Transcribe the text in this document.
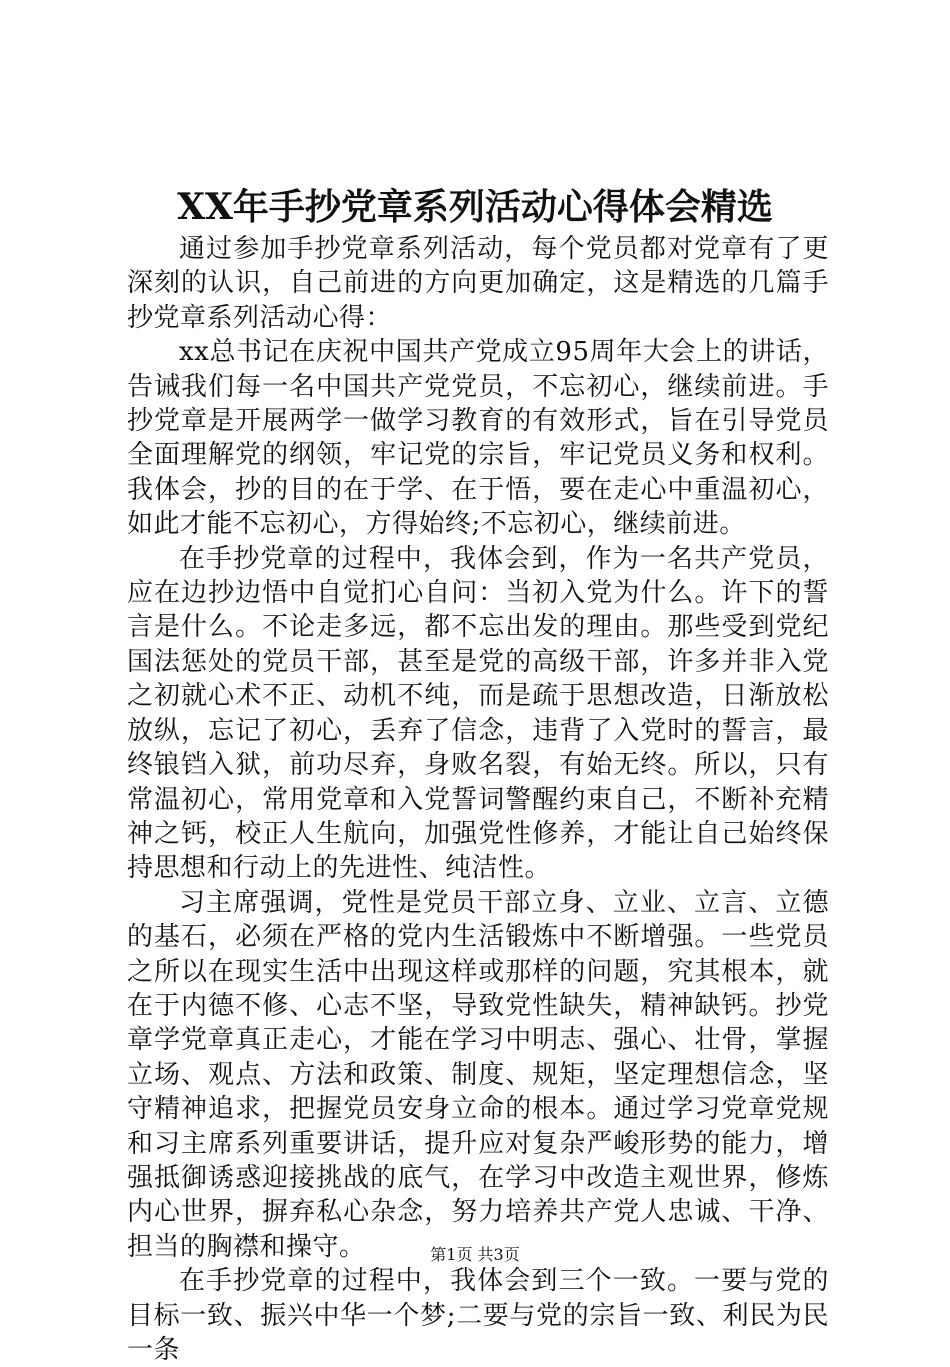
XX年手抄党章系列活动心得体会精选

通过参加手抄党章系列活动，每个党员都对党章有了更深刻的认识，自己前进的方向更加确定，这是精选的几篇手抄党章系列活动心得：

xx总书记在庆祝中国共产党成立95周年大会上的讲话，告诫我们每一名中国共产党党员，不忘初心，继续前进。手抄党章是开展两学一做学习教育的有效形式，旨在引导党员全面理解党的纲领，牢记党的宗旨，牢记党员义务和权利。我体会，抄的目的在于学、在于悟，要在走心中重温初心，如此才能不忘初心，方得始终;不忘初心，继续前进。

在手抄党章的过程中，我体会到，作为一名共产党员，应在边抄边悟中自觉扪心自问：当初入党为什么。许下的誓言是什么。不论走多远，都不忘出发的理由。那些受到党纪国法惩处的党员干部，甚至是党的高级干部，许多并非入党之初就心术不正、动机不纯，而是疏于思想改造，日渐放松放纵，忘记了初心，丢弃了信念，违背了入党时的誓言，最终锒铛入狱，前功尽弃，身败名裂，有始无终。所以，只有常温初心，常用党章和入党誓词警醒约束自己，不断补充精神之钙，校正人生航向，加强党性修养，才能让自己始终保持思想和行动上的先进性、纯洁性。

习主席强调，党性是党员干部立身、立业、立言、立德的基石，必须在严格的党内生活锻炼中不断增强。一些党员之所以在现实生活中出现这样或那样的问题，究其根本，就在于内德不修、心志不坚，导致党性缺失，精神缺钙。抄党章学党章真正走心，才能在学习中明志、强心、壮骨，掌握立场、观点、方法和政策、制度、规矩，坚定理想信念，坚守精神追求，把握党员安身立命的根本。通过学习党章党规和习主席系列重要讲话，提升应对复杂严峻形势的能力，增强抵御诱惑迎接挑战的底气，在学习中改造主观世界，修炼内心世界，摒弃私心杂念，努力培养共产党人忠诚、干净、担当的胸襟和操守。

在手抄党章的过程中，我体会到三个一致。一要与党的目标一致、振兴中华一个梦;二要与党的宗旨一致、利民为民一条

第1页 共3页
